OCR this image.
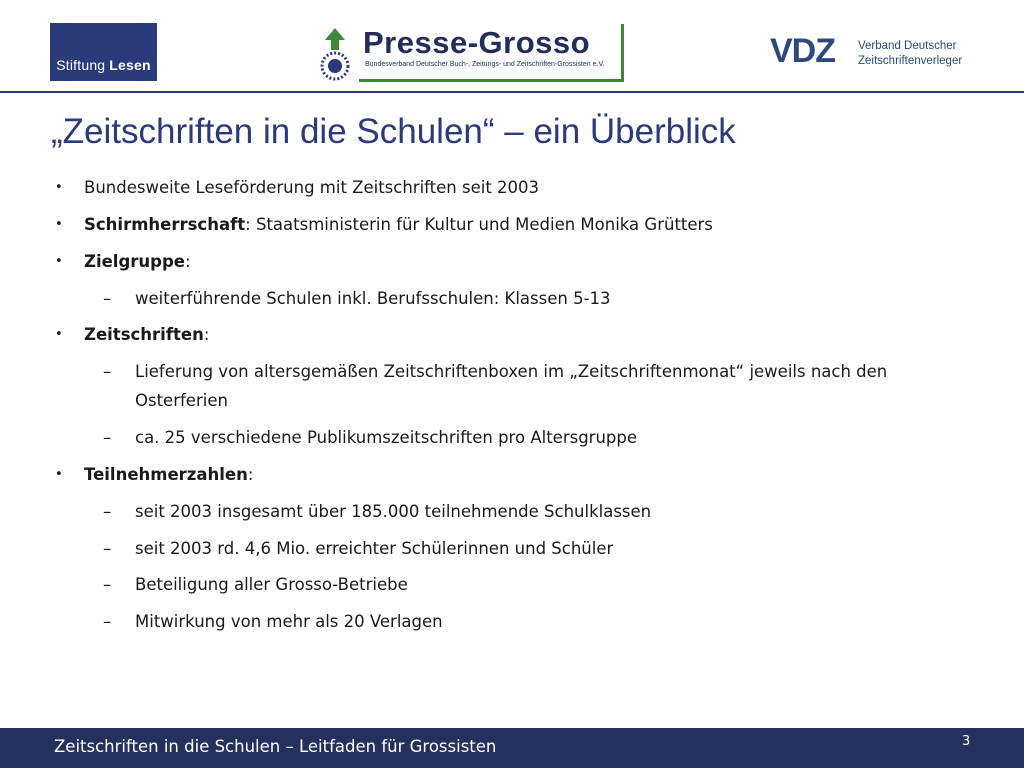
Stiftung Lesen
Presse-Grosso
Bundesverband Deutscher Buch-, Zeitungs- und Zeitschriften-Grossisten e.V.	VDZ Verband Deutscher
Zeitschriftenverleger
„Zeitschriften in die Schulen“ – ein Überblick
• Bundesweite Leseförderung mit Zeitschriften seit 2003
• Schirmherrschaft: Staatsministerin für Kultur und Medien Monika Grütters
• Zielgruppe:
– weiterführende Schulen inkl. Berufsschulen: Klassen 5-13
• Zeitschriften:
– Lieferung von altersgemäßen Zeitschriftenboxen im „Zeitschriftenmonat“ jeweils nach den
Osterferien
– ca. 25 verschiedene Publikumszeitschriften pro Altersgruppe
• Teilnehmerzahlen:
– seit 2003 insgesamt über 185.000 teilnehmende Schulklassen
– seit 2003 rd. 4,6 Mio. erreichter Schülerinnen und Schüler
– Beteiligung aller Grosso-Betriebe
– Mitwirkung von mehr als 20 Verlagen
Zeitschriften in die Schulen – Leitfaden für Grossisten	3
